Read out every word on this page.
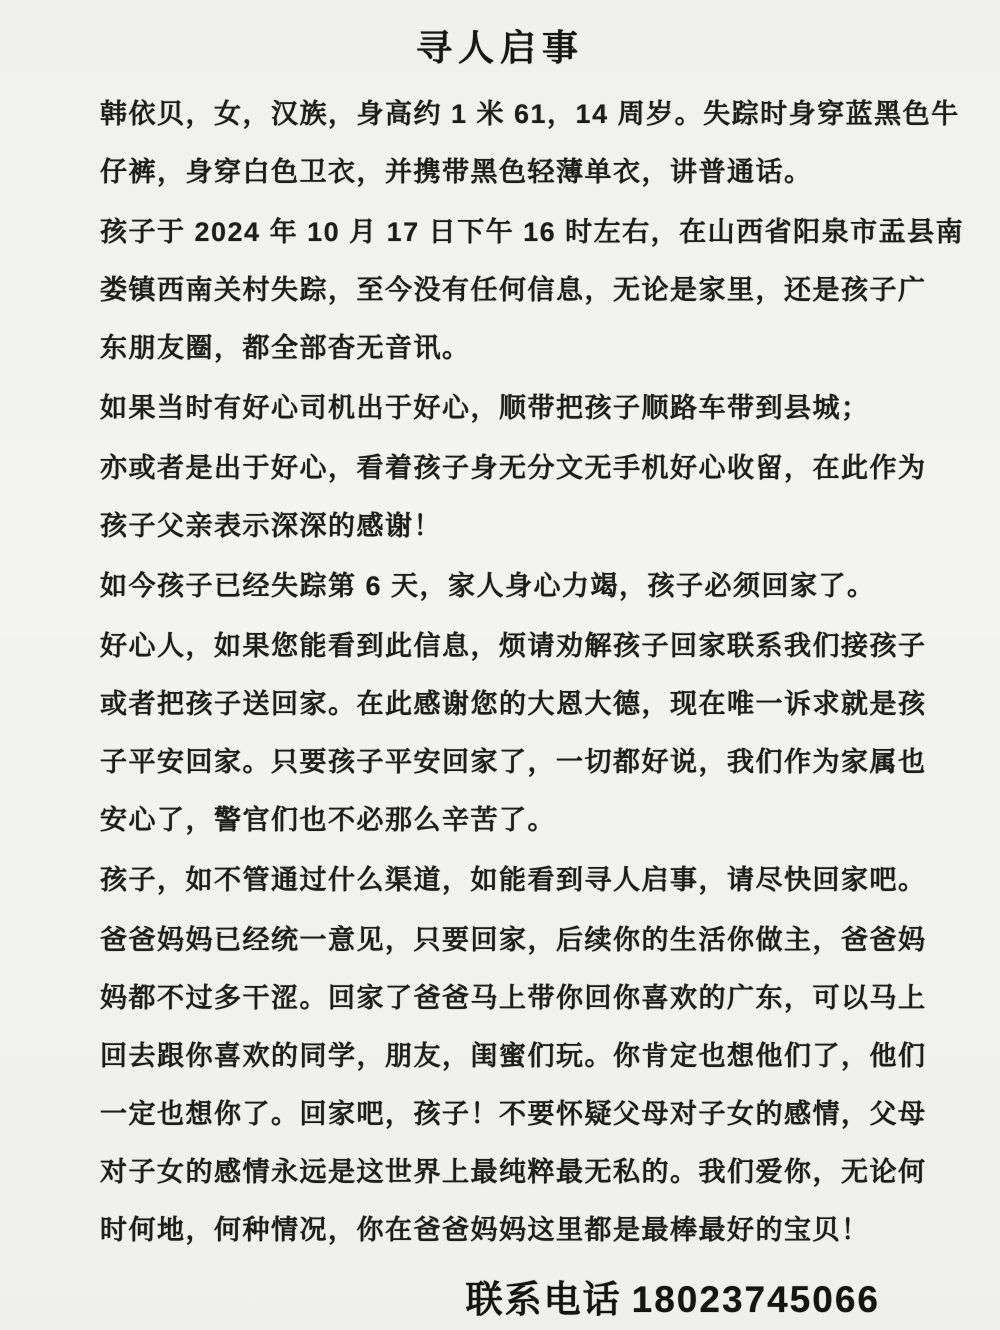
寻人启事
韩依贝，女，汉族，身高约 1 米 61，14 周岁。失踪时身穿蓝黑色牛
仔裤，身穿白色卫衣，并携带黑色轻薄单衣，讲普通话。
孩子于 2024 年 10 月 17 日下午 16 时左右，在山西省阳泉市盂县南
娄镇西南关村失踪，至今没有任何信息，无论是家里，还是孩子广
东朋友圈，都全部杳无音讯。
如果当时有好心司机出于好心，顺带把孩子顺路车带到县城；
亦或者是出于好心，看着孩子身无分文无手机好心收留，在此作为
孩子父亲表示深深的感谢！
如今孩子已经失踪第 6 天，家人身心力竭，孩子必须回家了。
好心人，如果您能看到此信息，烦请劝解孩子回家联系我们接孩子
或者把孩子送回家。在此感谢您的大恩大德，现在唯一诉求就是孩
子平安回家。只要孩子平安回家了，一切都好说，我们作为家属也
安心了，警官们也不必那么辛苦了。
孩子，如不管通过什么渠道，如能看到寻人启事，请尽快回家吧。
爸爸妈妈已经统一意见，只要回家，后续你的生活你做主，爸爸妈
妈都不过多干涩。回家了爸爸马上带你回你喜欢的广东，可以马上
回去跟你喜欢的同学，朋友，闺蜜们玩。你肯定也想他们了，他们
一定也想你了。回家吧，孩子！不要怀疑父母对子女的感情，父母
对子女的感情永远是这世界上最纯粹最无私的。我们爱你，无论何
时何地，何种情况，你在爸爸妈妈这里都是最棒最好的宝贝！
联系电话 18023745066
